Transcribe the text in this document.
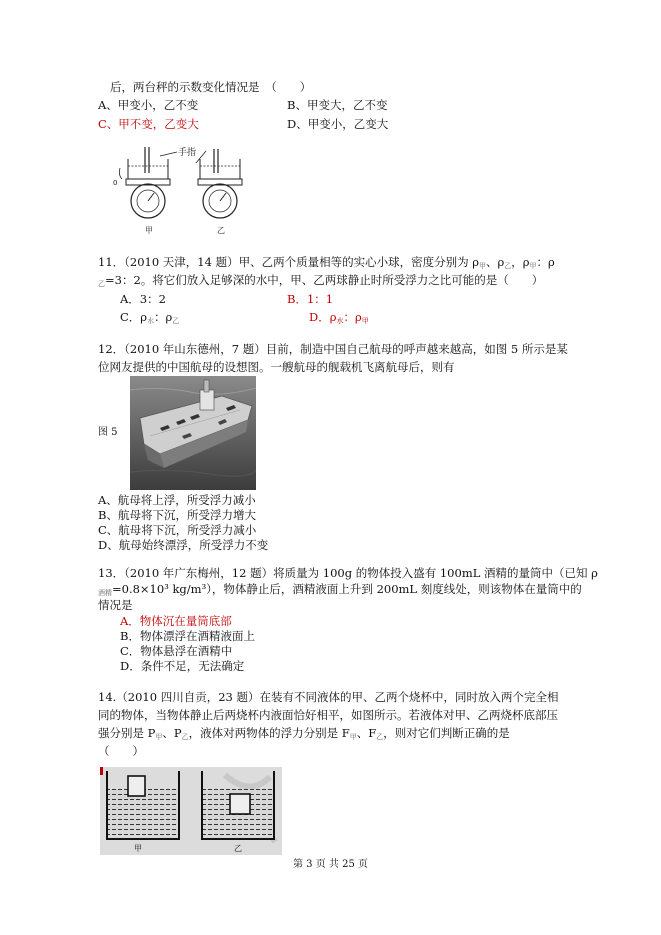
后，两台秤的示数变化情况是　（　　）
A、甲变小，乙不变	B、甲变大，乙不变
C、甲不变，乙变大	D、甲变小，乙变大
手指
0
甲	乙
11．（2010 天津，14 题）甲、乙两个质量相等的实心小球，密度分别为 ρ甲、ρ乙，ρ甲：ρ
乙=3：2。将它们放入足够深的水中，甲、乙两球静止时所受浮力之比可能的是（　　）
A．3：2	B．1：1
C．ρ水：ρ乙	D．$\rho_水$：$\rho_甲$
12．（2010 年山东德州，7 题）目前，制造中国自己航母的呼声越来越高，如图 5 所示是某
位网友提供的中国航母的设想图。一艘航母的舰载机飞离航母后，则有
图 5
A、航母将上浮，所受浮力减小
B、航母将下沉，所受浮力增大
C、航母将下沉，所受浮力减小
D、航母始终漂浮，所受浮力不变
13．（2010 年广东梅州，12 题）将质量为 100g 的物体投入盛有 100mL 酒精的量筒中（已知 ρ
酒精=0.8×10³ kg/m³），物体静止后，酒精液面上升到 200mL 刻度线处，则该物体在量筒中的
情况是
A．物体沉在量筒底部
B．物体漂浮在酒精液面上
C．物体悬浮在酒精中
D．条件不足，无法确定
14.（2010 四川自贡，23 题）在装有不同液体的甲、乙两个烧杯中，同时放入两个完全相
同的物体，当物体静止后两烧杯内液面恰好相平，如图所示。若液体对甲、乙两烧杯底部压
强分别是 P甲、P乙，液体对两物体的浮力分别是 F甲、F乙，则对它们判断正确的是
（　　）
甲	乙
第 3 页 共 25 页
